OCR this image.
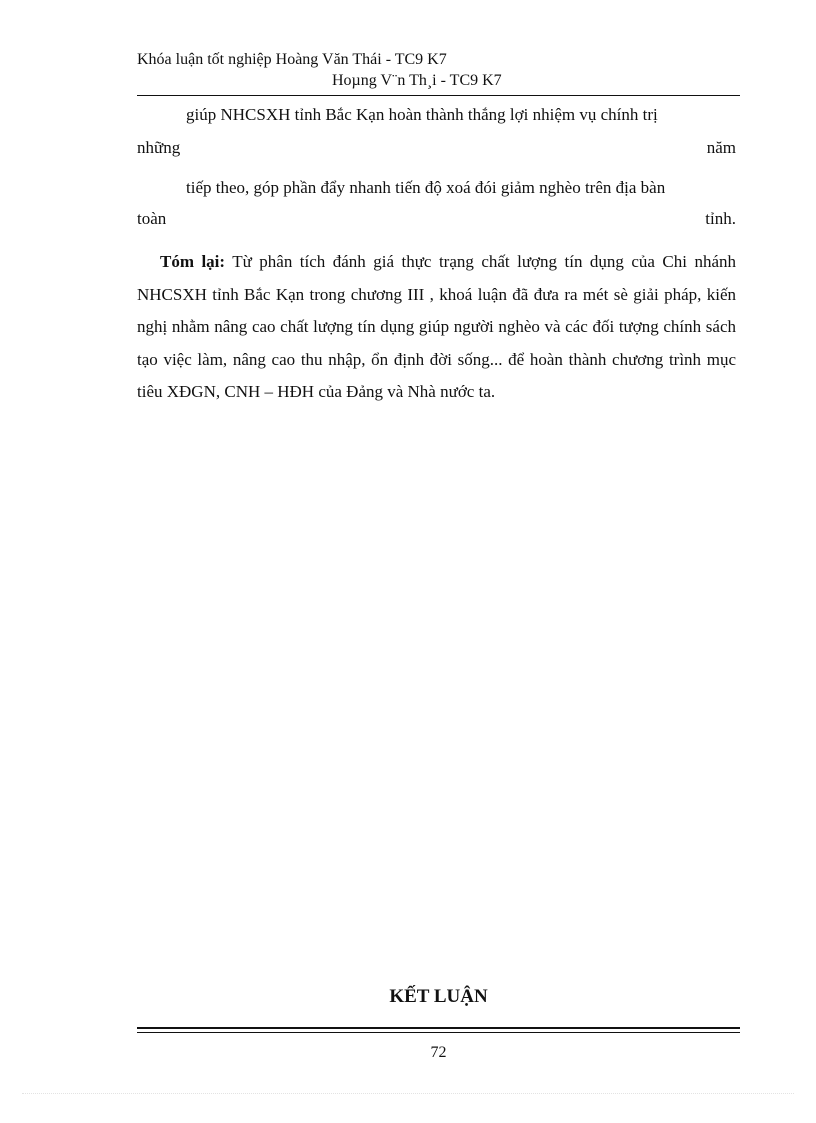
Khóa luận tốt nghiệp Hoàng Văn Thái - TC9 K7
Hoµng V¨n Th¸i - TC9 K7
giúp NHCSXH tỉnh Bắc Kạn hoàn thành thắng lợi nhiệm vụ chính trị
những	năm
tiếp theo, góp phần đẩy nhanh tiến độ xoá đói giảm nghèo trên địa bàn
toàn	tỉnh.
Tóm lại: Từ phân tích đánh giá thực trạng chất lượng tín dụng của Chi nhánh NHCSXH tỉnh Bắc Kạn trong chương III , khoá luận đã đưa ra mét sè giải pháp, kiến nghị nhằm nâng cao chất lượng tín dụng giúp người nghèo và các đối tượng chính sách tạo việc làm, nâng cao thu nhập, ổn định đời sống... để hoàn thành chương trình mục tiêu XĐGN, CNH – HĐH của Đảng và Nhà nước ta.
KẾT LUẬN
72
